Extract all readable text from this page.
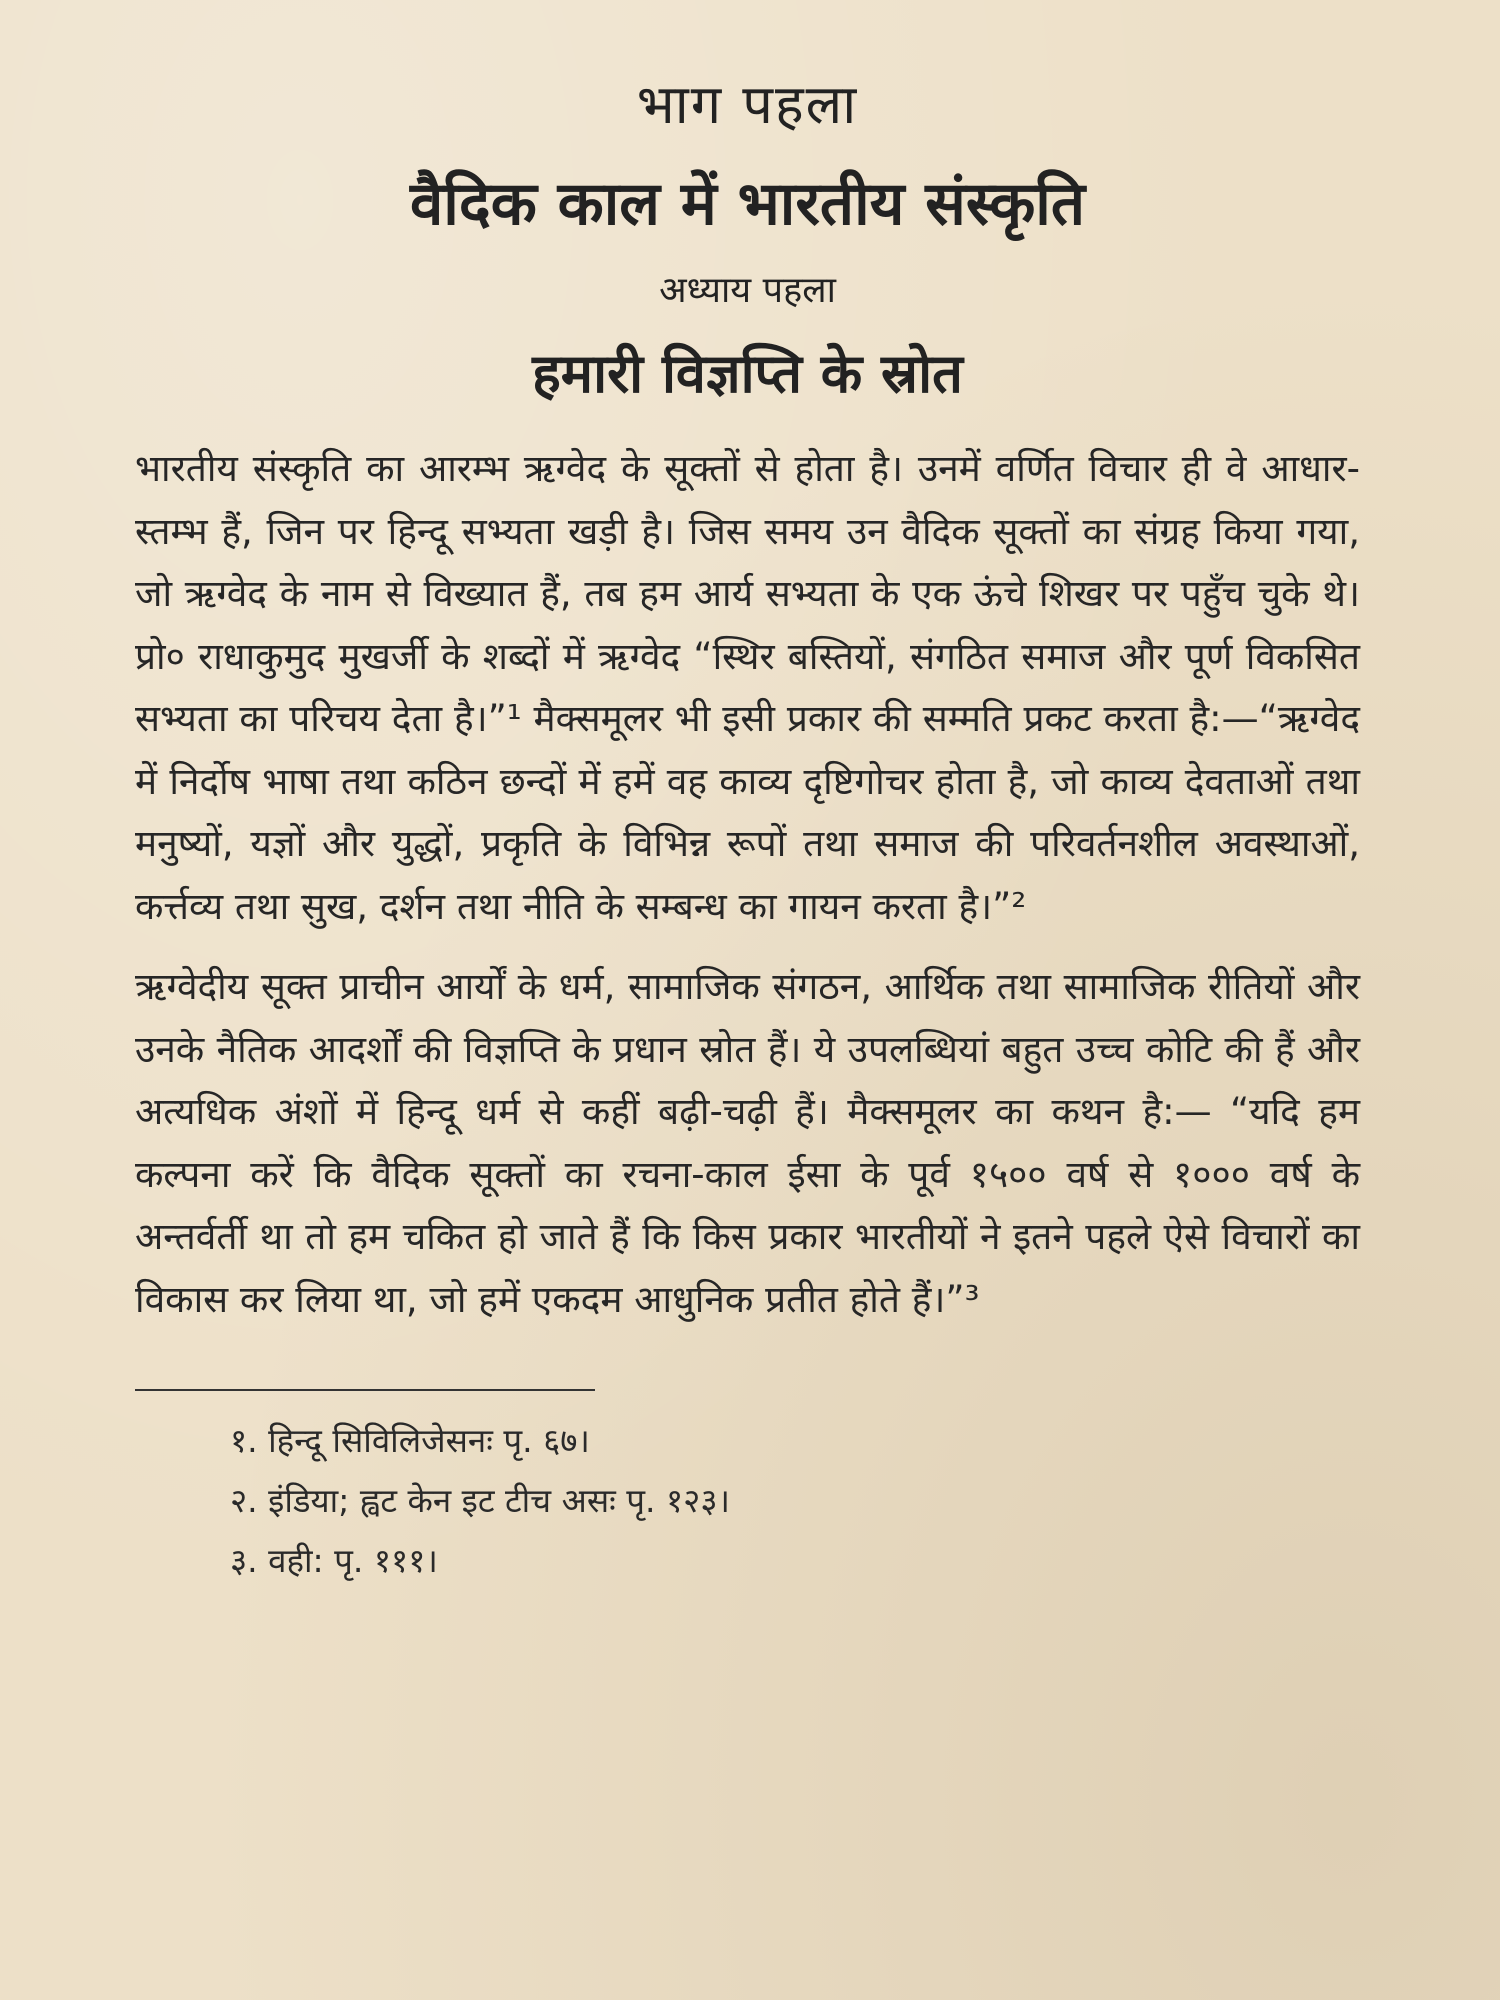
भाग पहला
वैदिक काल में भारतीय संस्कृति
अध्याय पहला
हमारी विज्ञप्ति के स्रोत

भारतीय संस्कृति का आरम्भ ऋग्वेद के सूक्तों से होता है। उनमें वर्णित विचार ही वे आधार-स्तम्भ हैं, जिन पर हिन्दू सभ्यता खड़ी है। जिस समय उन वैदिक सूक्तों का संग्रह किया गया, जो ऋग्वेद के नाम से विख्यात हैं, तब हम आर्य सभ्यता के एक ऊंचे शिखर पर पहुँच चुके थे। प्रो० राधाकुमुद मुखर्जी के शब्दों में ऋग्वेद “स्थिर बस्तियों, संगठित समाज और पूर्ण विकसित सभ्यता का परिचय देता है।”¹ मैक्समूलर भी इसी प्रकार की सम्मति प्रकट करता है:—“ऋग्वेद में निर्दोष भाषा तथा कठिन छन्दों में हमें वह काव्य दृष्टिगोचर होता है, जो काव्य देवताओं तथा मनुष्यों, यज्ञों और युद्धों, प्रकृति के विभिन्न रूपों तथा समाज की परिवर्तनशील अवस्थाओं, कर्त्तव्य तथा सुख, दर्शन तथा नीति के सम्बन्ध का गायन करता है।”²

ऋग्वेदीय सूक्त प्राचीन आर्यों के धर्म, सामाजिक संगठन, आर्थिक तथा सामाजिक रीतियों और उनके नैतिक आदर्शों की विज्ञप्ति के प्रधान स्रोत हैं। ये उपलब्धियां बहुत उच्च कोटि की हैं और अत्यधिक अंशों में हिन्दू धर्म से कहीं बढ़ी-चढ़ी हैं। मैक्समूलर का कथन है:— “यदि हम कल्पना करें कि वैदिक सूक्तों का रचना-काल ईसा के पूर्व १५०० वर्ष से १००० वर्ष के अन्तर्वर्ती था तो हम चकित हो जाते हैं कि किस प्रकार भारतीयों ने इतने पहले ऐसे विचारों का विकास कर लिया था, जो हमें एकदम आधुनिक प्रतीत होते हैं।”³

१. हिन्दू सिविलिजेसनः पृ. ६७।

२. इंडिया; ह्वट केन इट टीच असः पृ. १२३।

३. वही: पृ. १११।
